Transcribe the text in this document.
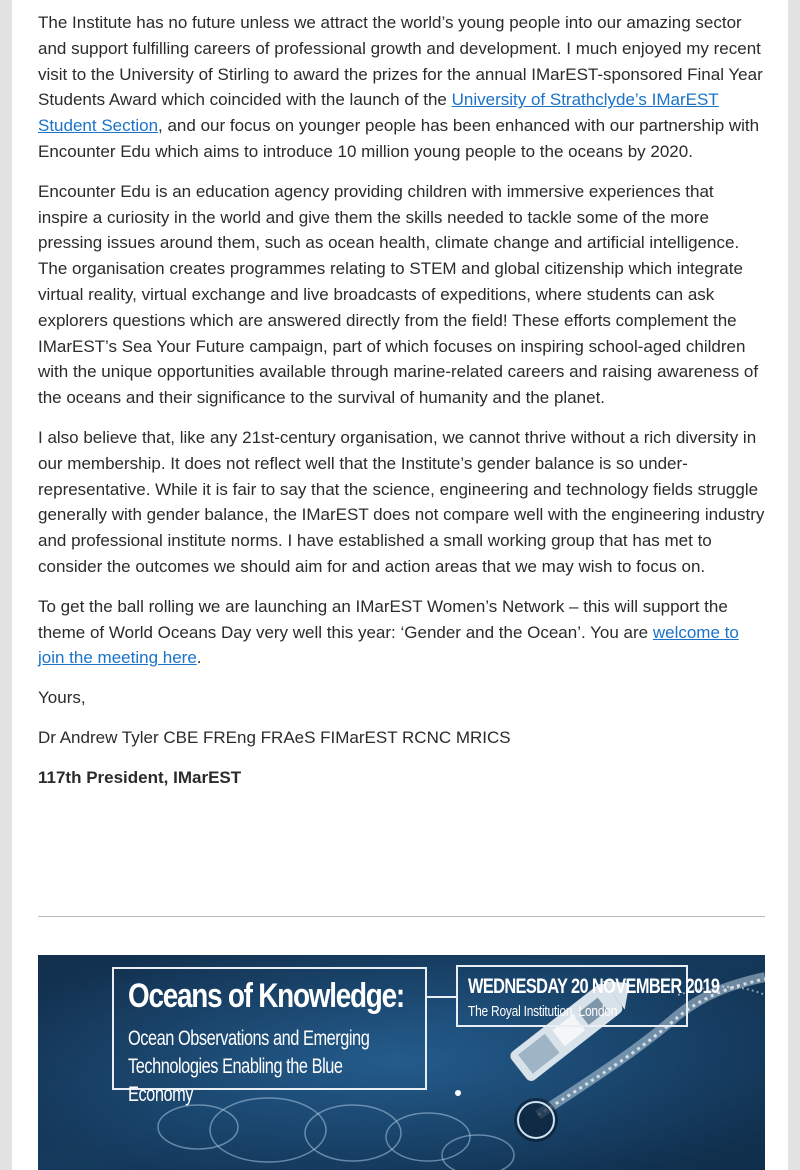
The Institute has no future unless we attract the world’s young people into our amazing sector and support fulfilling careers of professional growth and development. I much enjoyed my recent visit to the University of Stirling to award the prizes for the annual IMarEST-sponsored Final Year Students Award which coincided with the launch of the University of Strathclyde’s IMarEST Student Section, and our focus on younger people has been enhanced with our partnership with Encounter Edu which aims to introduce 10 million young people to the oceans by 2020.

Encounter Edu is an education agency providing children with immersive experiences that inspire a curiosity in the world and give them the skills needed to tackle some of the more pressing issues around them, such as ocean health, climate change and artificial intelligence. The organisation creates programmes relating to STEM and global citizenship which integrate virtual reality, virtual exchange and live broadcasts of expeditions, where students can ask explorers questions which are answered directly from the field! These efforts complement the IMarEST’s Sea Your Future campaign, part of which focuses on inspiring school-aged children with the unique opportunities available through marine-related careers and raising awareness of the oceans and their significance to the survival of humanity and the planet.

I also believe that, like any 21st-century organisation, we cannot thrive without a rich diversity in our membership. It does not reflect well that the Institute’s gender balance is so under-representative. While it is fair to say that the science, engineering and technology fields struggle generally with gender balance, the IMarEST does not compare well with the engineering industry and professional institute norms. I have established a small working group that has met to consider the outcomes we should aim for and action areas that we may wish to focus on.

To get the ball rolling we are launching an IMarEST Women’s Network – this will support the theme of World Oceans Day very well this year: ‘Gender and the Ocean’. You are welcome to join the meeting here.

Yours,

Dr Andrew Tyler CBE FREng FRAeS FIMarEST RCNC MRICS

117th President, IMarEST

Oceans of Knowledge:
Ocean Observations and Emerging Technologies Enabling the Blue Economy
WEDNESDAY 20 NOVEMBER 2019
The Royal Institution, London
